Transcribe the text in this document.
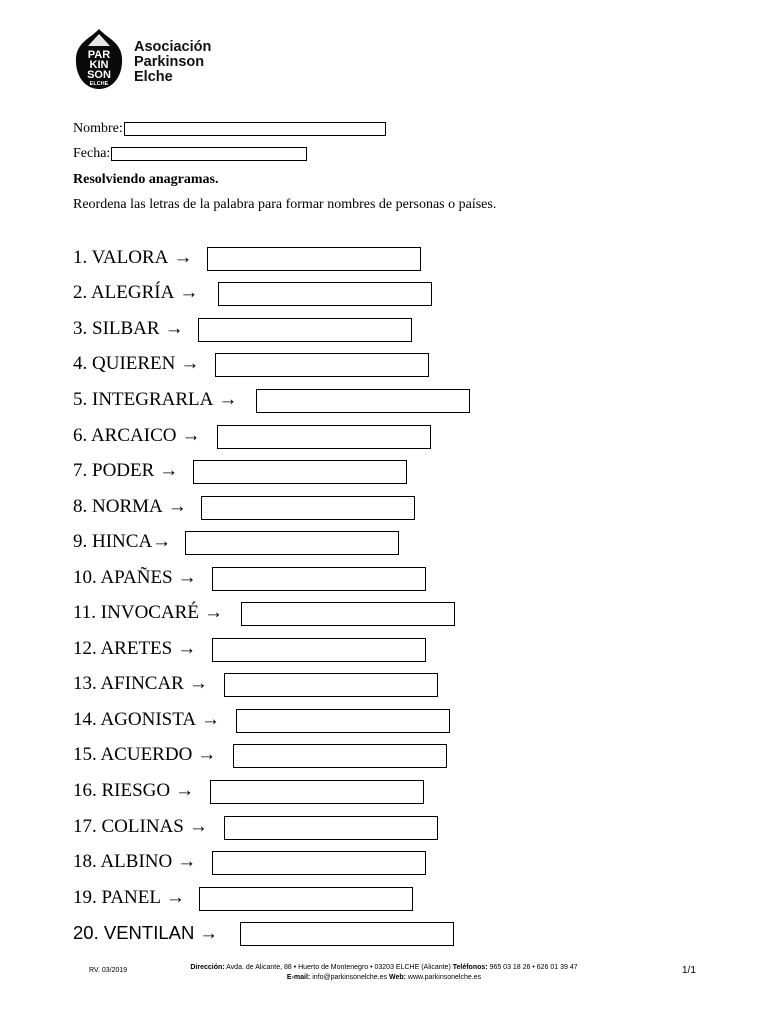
PAR
KIN
SON
ELCHE
Asociación
Parkinson
Elche
Nombre:
Fecha:
Resolviendo anagramas.
Reordena las letras de la palabra para formar nombres de personas o países.
1. VALORA →
2. ALEGRÍA →
3. SILBAR →
4. QUIEREN →
5. INTEGRARLA →
6. ARCAICO →
7. PODER →
8. NORMA →
9. HINCA →
10. APAÑES →
11. INVOCARÉ →
12. ARETES →
13. AFINCAR →
14. AGONISTA →
15. ACUERDO →
16. RIESGO →
17. COLINAS →
18. ALBINO →
19. PANEL →
20. VENTILAN →
RV. 03/2019	Dirección: Avda. de Alicante, 88 • Huerto de Montenegro • 03203 ELCHE (Alicante) Teléfonos: 965 03 18 26 • 626 01 39 47
E-mail: info@parkinsonelche.es Web: www.parkinsonelche.es
1/1
